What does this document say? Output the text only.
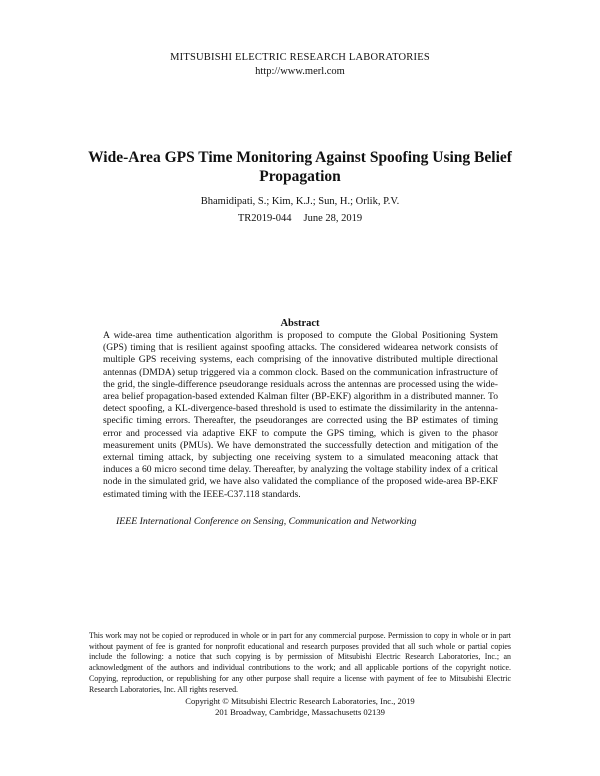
MITSUBISHI ELECTRIC RESEARCH LABORATORIES
http://www.merl.com
Wide-Area GPS Time Monitoring Against Spoofing Using Belief Propagation
Bhamidipati, S.; Kim, K.J.; Sun, H.; Orlik, P.V.
TR2019-044 June 28, 2019
Abstract
A wide-area time authentication algorithm is proposed to compute the Global Positioning System (GPS) timing that is resilient against spoofing attacks. The considered widearea network consists of multiple GPS receiving systems, each comprising of the innovative distributed multiple directional antennas (DMDA) setup triggered via a common clock. Based on the communication infrastructure of the grid, the single-difference pseudorange residuals across the antennas are processed using the wide-area belief propagation-based extended Kalman filter (BP-EKF) algorithm in a distributed manner. To detect spoofing, a KL-divergence-based threshold is used to estimate the dissimilarity in the antenna-specific timing errors. Thereafter, the pseudoranges are corrected using the BP estimates of timing error and processed via adaptive EKF to compute the GPS timing, which is given to the phasor measurement units (PMUs). We have demonstrated the successfully detection and mitigation of the external timing attack, by subjecting one receiving system to a simulated meaconing attack that induces a 60 micro second time delay. Thereafter, by analyzing the voltage stability index of a critical node in the simulated grid, we have also validated the compliance of the proposed wide-area BP-EKF estimated timing with the IEEE-C37.118 standards.
IEEE International Conference on Sensing, Communication and Networking
This work may not be copied or reproduced in whole or in part for any commercial purpose. Permission to copy in whole or in part without payment of fee is granted for nonprofit educational and research purposes provided that all such whole or partial copies include the following: a notice that such copying is by permission of Mitsubishi Electric Research Laboratories, Inc.; an acknowledgment of the authors and individual contributions to the work; and all applicable portions of the copyright notice. Copying, reproduction, or republishing for any other purpose shall require a license with payment of fee to Mitsubishi Electric Research Laboratories, Inc. All rights reserved.
Copyright © Mitsubishi Electric Research Laboratories, Inc., 2019
201 Broadway, Cambridge, Massachusetts 02139
